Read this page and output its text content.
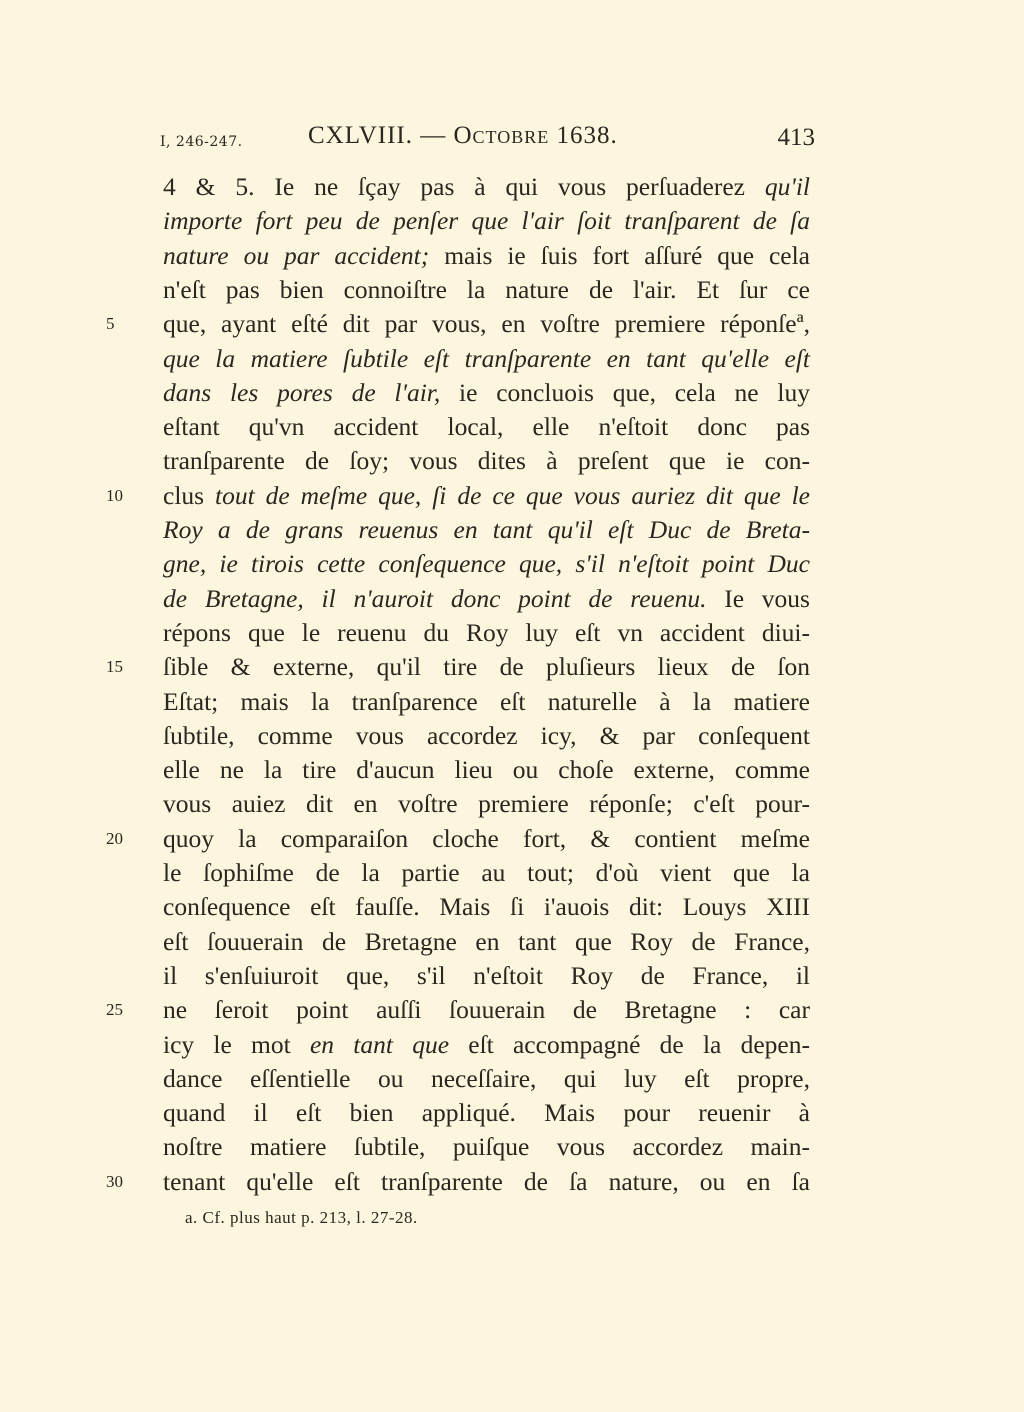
I, 246-247.	CXLVIII. — Octobre 1638.	413
4 & 5. Ie ne ſçay pas à qui vous perſuaderez qu'il
importe fort peu de penſer que l'air ſoit tranſparent de ſa
nature ou par accident; mais ie ſuis fort aſſuré que cela
n'eſt pas bien connoiſtre la nature de l'air. Et ſur ce
que, ayant eſté dit par vous, en voſtre premiere réponſeª,
que la matiere ſubtile eſt tranſparente en tant qu'elle eſt
dans les pores de l'air, ie concluois que, cela ne luy
eſtant qu'vn accident local, elle n'eſtoit donc pas
tranſparente de ſoy; vous dites à preſent que ie con-
clus tout de meſme que, ſi de ce que vous auriez dit que le
Roy a de grans reuenus en tant qu'il eſt Duc de Breta-
gne, ie tirois cette conſequence que, s'il n'eſtoit point Duc
de Bretagne, il n'auroit donc point de reuenu. Ie vous
répons que le reuenu du Roy luy eſt vn accident diui-
ſible & externe, qu'il tire de pluſieurs lieux de ſon
Eſtat; mais la tranſparence eſt naturelle à la matiere
ſubtile, comme vous accordez icy, & par conſequent
elle ne la tire d'aucun lieu ou choſe externe, comme
vous auiez dit en voſtre premiere réponſe; c'eſt pour-
quoy la comparaiſon cloche fort, & contient meſme
le ſophiſme de la partie au tout; d'où vient que la
conſequence eſt fauſſe. Mais ſi i'auois dit: Louys XIII
eſt ſouuerain de Bretagne en tant que Roy de France,
il s'enſuiuroit que, s'il n'eſtoit Roy de France, il
ne ſeroit point auſſi ſouuerain de Bretagne : car
icy le mot en tant que eſt accompagné de la depen-
dance eſſentielle ou neceſſaire, qui luy eſt propre,
quand il eſt bien appliqué. Mais pour reuenir à
noſtre matiere ſubtile, puiſque vous accordez main-
tenant qu'elle eſt tranſparente de ſa nature, ou en ſa
5
10
15
20
25
30
a. Cf. plus haut p. 213, l. 27-28.
